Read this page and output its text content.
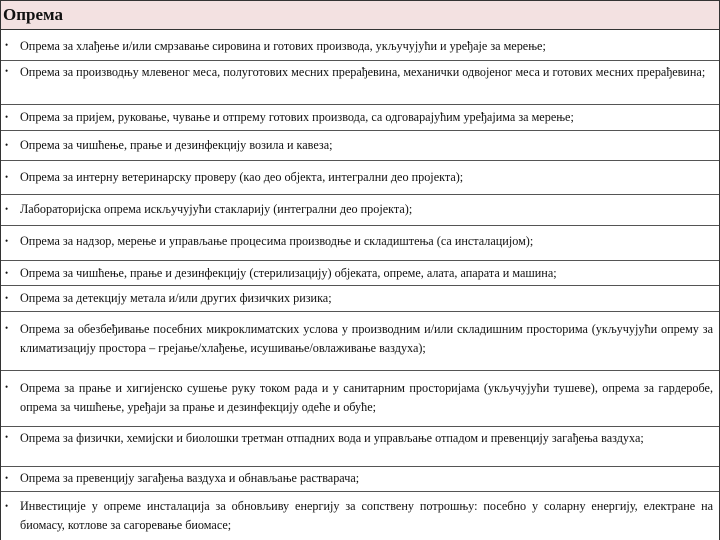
Опрема
• Опрема за хлађење и/или смрзавање сировина и готових производа, укључујући и уређаје за мерење;
• Опрема за производњу млевеног меса, полуготових месних прерађевина, механички одвојеног меса и готових месних прерађевина;
• Опрема за пријем, руковање, чување и отпрему готових производа, са одговарајућим уређајима за мерење;
• Опрема за чишћење, прање и дезинфекцију возила и кавеза;
• Опрема за интерну ветеринарску проверу (као део објекта, интегрални део пројекта);
• Лабораторијска опрема искључујући стакларију (интегрални део пројекта);
• Опрема за надзор, мерење и управљање процесима производње и складиштења (са инсталацијом);
• Опрема за чишћење, прање и дезинфекцију (стерилизацију) објеката, опреме, алата, апарата и машина;
• Опрема за детекцију метала и/или других физичких ризика;
• Опрема за обезбеђивање посебних микроклиматских услова у производним и/или складишним просторима (укључујући опрему за климатизацију простора – грејање/хлађење, исушивање/овлаживање ваздуха);
• Опрема за прање и хигијенско сушење руку током рада и у санитарним просторијама (укључујући тушеве), опрема за гардеробе, опрема за чишћење, уређаји за прање и дезинфекцију одеће и обуће;
• Опрема за физички, хемијски и биолошки третман отпадних вода и управљање отпадом и превенцију загађења ваздуха;
• Опрема за превенцију загађења ваздуха и обнављање растварача;
• Инвестиције у опреме инсталација за обновљиву енергију за сопствену потрошњу: посебно у соларну енергију, електране на биомасу, котлове за сагоревање биомасе;
